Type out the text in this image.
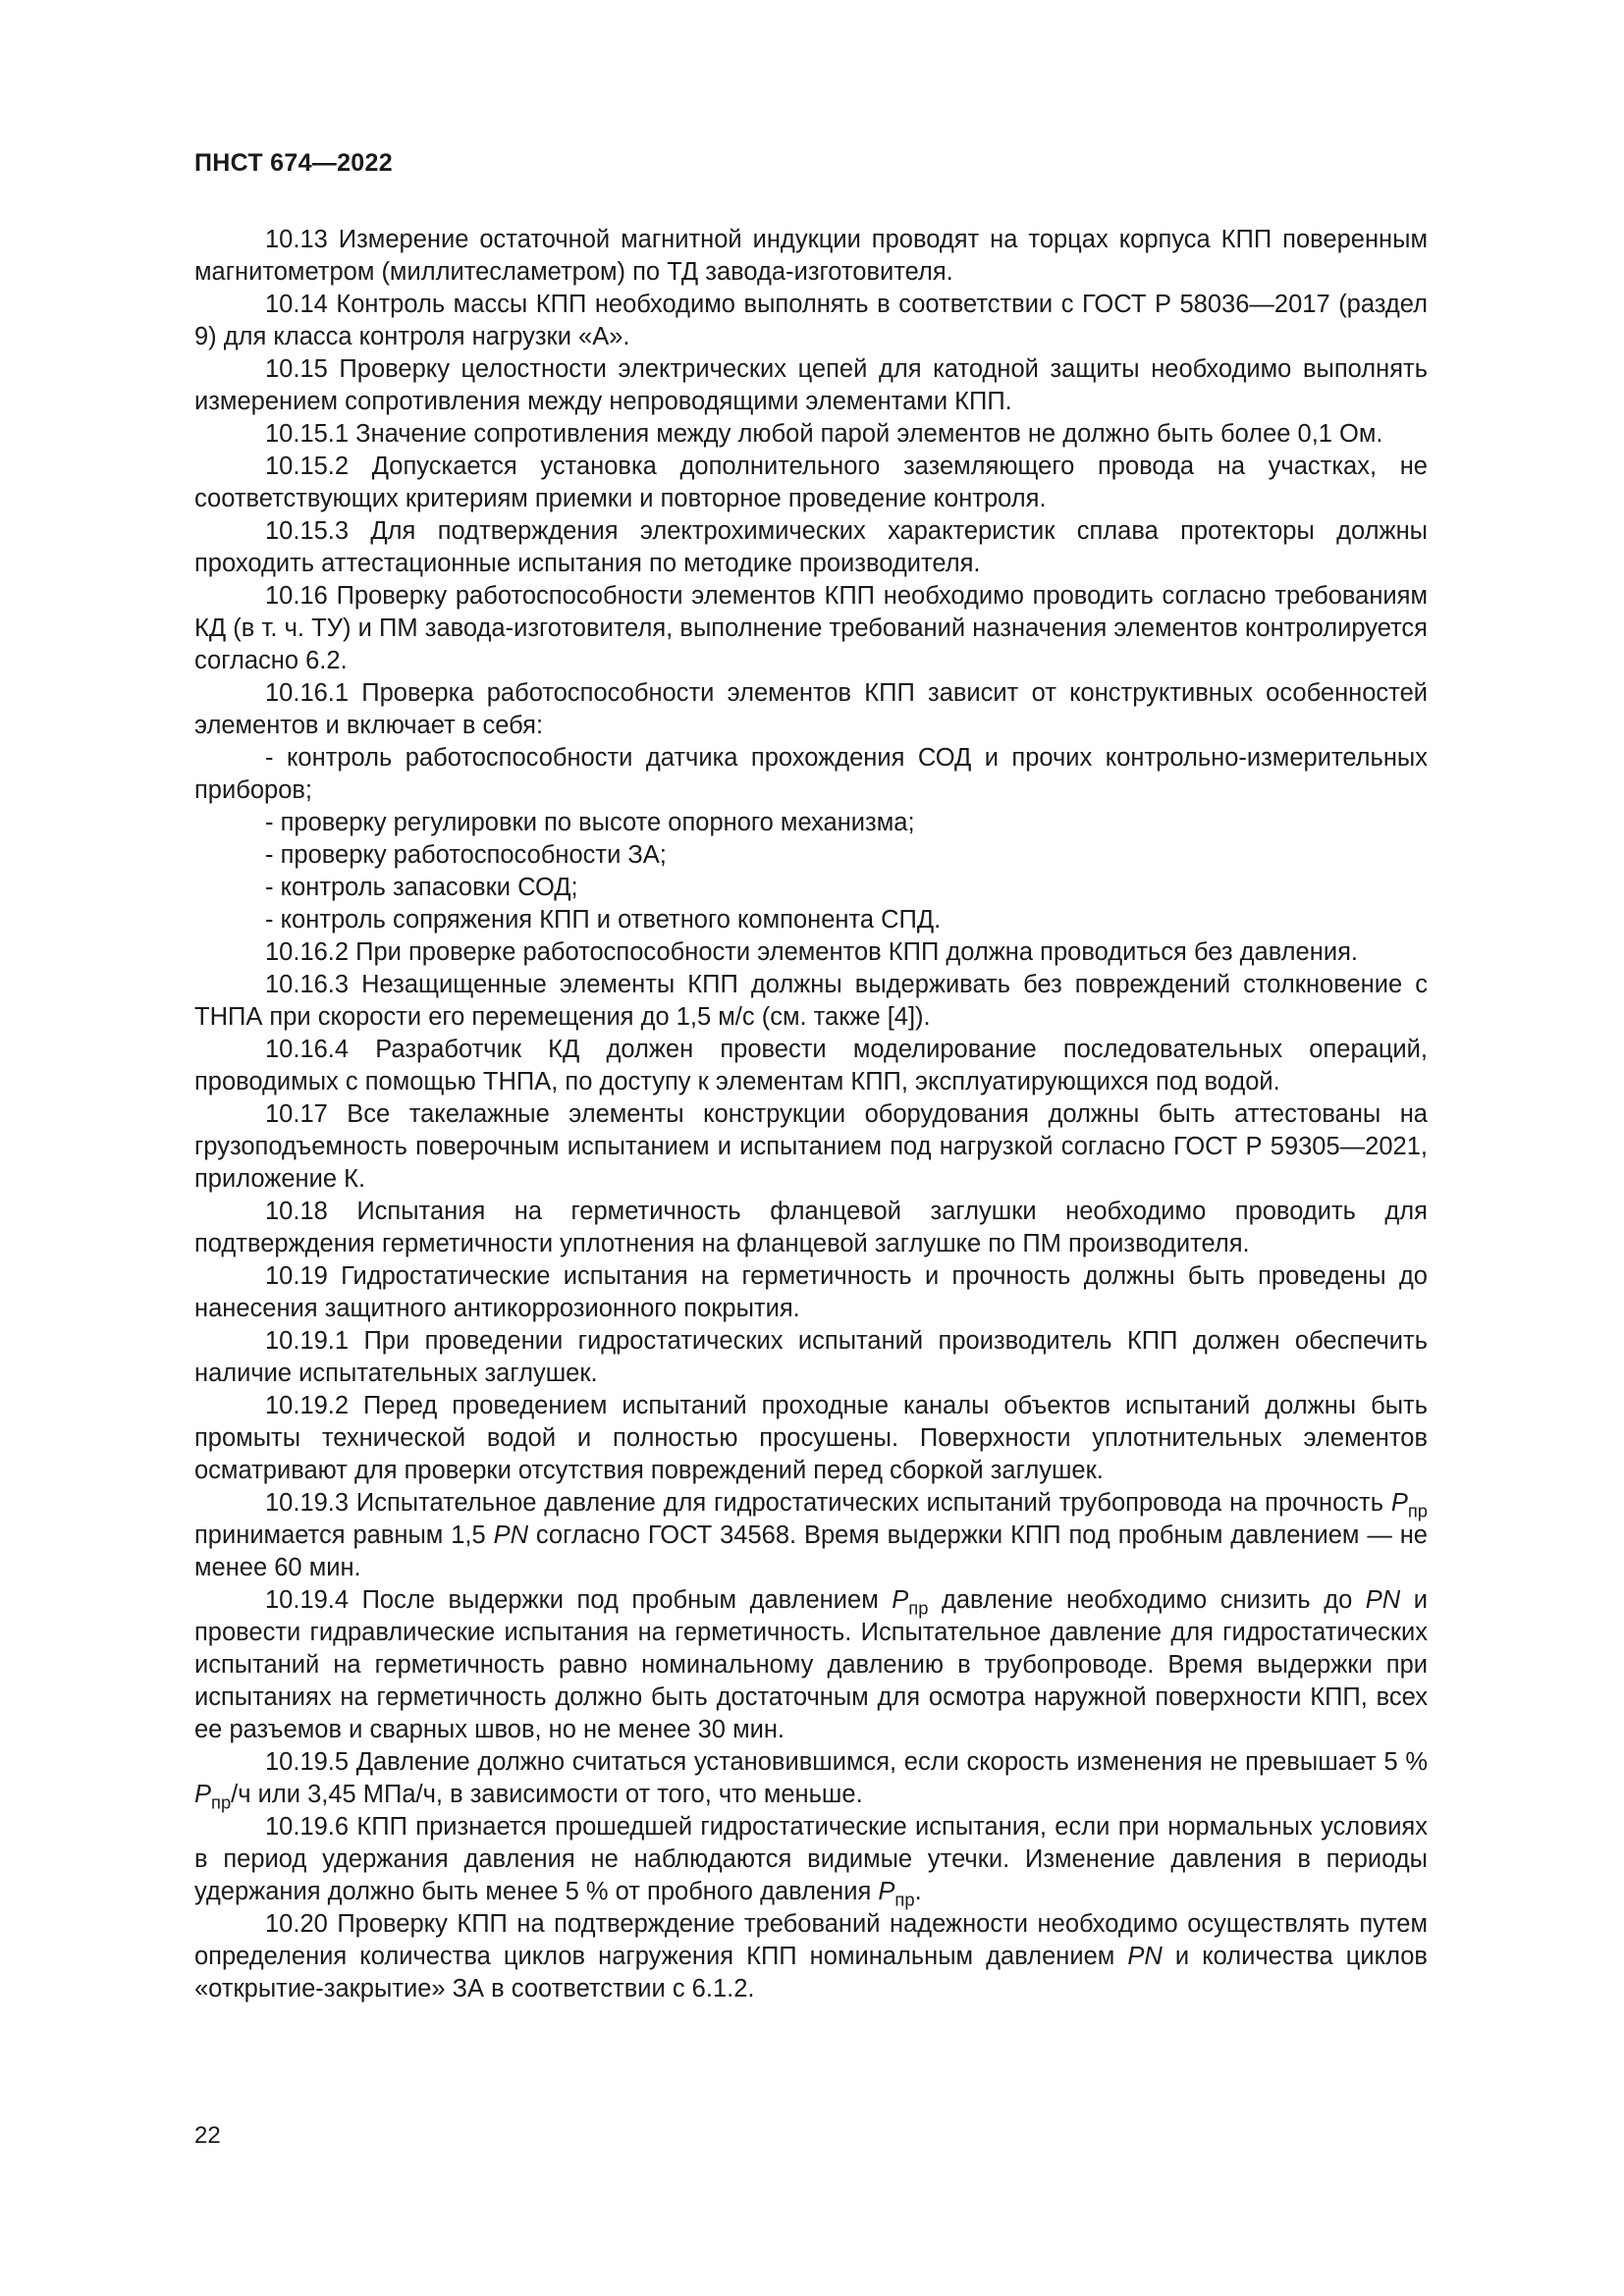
ПНСТ 674—2022

10.13 Измерение остаточной магнитной индукции проводят на торцах корпуса КПП поверенным магнитометром (миллитесламетром) по ТД завода-изготовителя.

10.14 Контроль массы КПП необходимо выполнять в соответствии с ГОСТ Р 58036—2017 (раздел 9) для класса контроля нагрузки «А».

10.15 Проверку целостности электрических цепей для катодной защиты необходимо выполнять измерением сопротивления между непроводящими элементами КПП.

10.15.1 Значение сопротивления между любой парой элементов не должно быть более 0,1 Ом.

10.15.2 Допускается установка дополнительного заземляющего провода на участках, не соответствующих критериям приемки и повторное проведение контроля.

10.15.3 Для подтверждения электрохимических характеристик сплава протекторы должны проходить аттестационные испытания по методике производителя.

10.16 Проверку работоспособности элементов КПП необходимо проводить согласно требованиям КД (в т. ч. ТУ) и ПМ завода-изготовителя, выполнение требований назначения элементов контролируется согласно 6.2.

10.16.1 Проверка работоспособности элементов КПП зависит от конструктивных особенностей элементов и включает в себя:

- контроль работоспособности датчика прохождения СОД и прочих контрольно-измерительных приборов;

- проверку регулировки по высоте опорного механизма;

- проверку работоспособности ЗА;

- контроль запасовки СОД;

- контроль сопряжения КПП и ответного компонента СПД.

10.16.2 При проверке работоспособности элементов КПП должна проводиться без давления.

10.16.3 Незащищенные элементы КПП должны выдерживать без повреждений столкновение с ТНПА при скорости его перемещения до 1,5 м/с (см. также [4]).

10.16.4 Разработчик КД должен провести моделирование последовательных операций, проводимых с помощью ТНПА, по доступу к элементам КПП, эксплуатирующихся под водой.

10.17 Все такелажные элементы конструкции оборудования должны быть аттестованы на грузоподъемность поверочным испытанием и испытанием под нагрузкой согласно ГОСТ Р 59305—2021, приложение К.

10.18 Испытания на герметичность фланцевой заглушки необходимо проводить для подтверждения герметичности уплотнения на фланцевой заглушке по ПМ производителя.

10.19 Гидростатические испытания на герметичность и прочность должны быть проведены до нанесения защитного антикоррозионного покрытия.

10.19.1 При проведении гидростатических испытаний производитель КПП должен обеспечить наличие испытательных заглушек.

10.19.2 Перед проведением испытаний проходные каналы объектов испытаний должны быть промыты технической водой и полностью просушены. Поверхности уплотнительных элементов осматривают для проверки отсутствия повреждений перед сборкой заглушек.

10.19.3 Испытательное давление для гидростатических испытаний трубопровода на прочность $P_{пр}$ принимается равным 1,5 PN согласно ГОСТ 34568. Время выдержки КПП под пробным давлением — не менее 60 мин.

10.19.4 После выдержки под пробным давлением $P_{пр}$ давление необходимо снизить до PN и провести гидравлические испытания на герметичность. Испытательное давление для гидростатических испытаний на герметичность равно номинальному давлению в трубопроводе. Время выдержки при испытаниях на герметичность должно быть достаточным для осмотра наружной поверхности КПП, всех ее разъемов и сварных швов, но не менее 30 мин.

10.19.5 Давление должно считаться установившимся, если скорость изменения не превышает 5 % $P_{пр}/ч$ или 3,45 МПа/ч, в зависимости от того, что меньше.

10.19.6 КПП признается прошедшей гидростатические испытания, если при нормальных условиях в период удержания давления не наблюдаются видимые утечки. Изменение давления в периоды удержания должно быть менее 5 % от пробного давления $P_{пр}$.

10.20 Проверку КПП на подтверждение требований надежности необходимо осуществлять путем определения количества циклов нагружения КПП номинальным давлением PN и количества циклов «открытие-закрытие» ЗА в соответствии с 6.1.2.

22
